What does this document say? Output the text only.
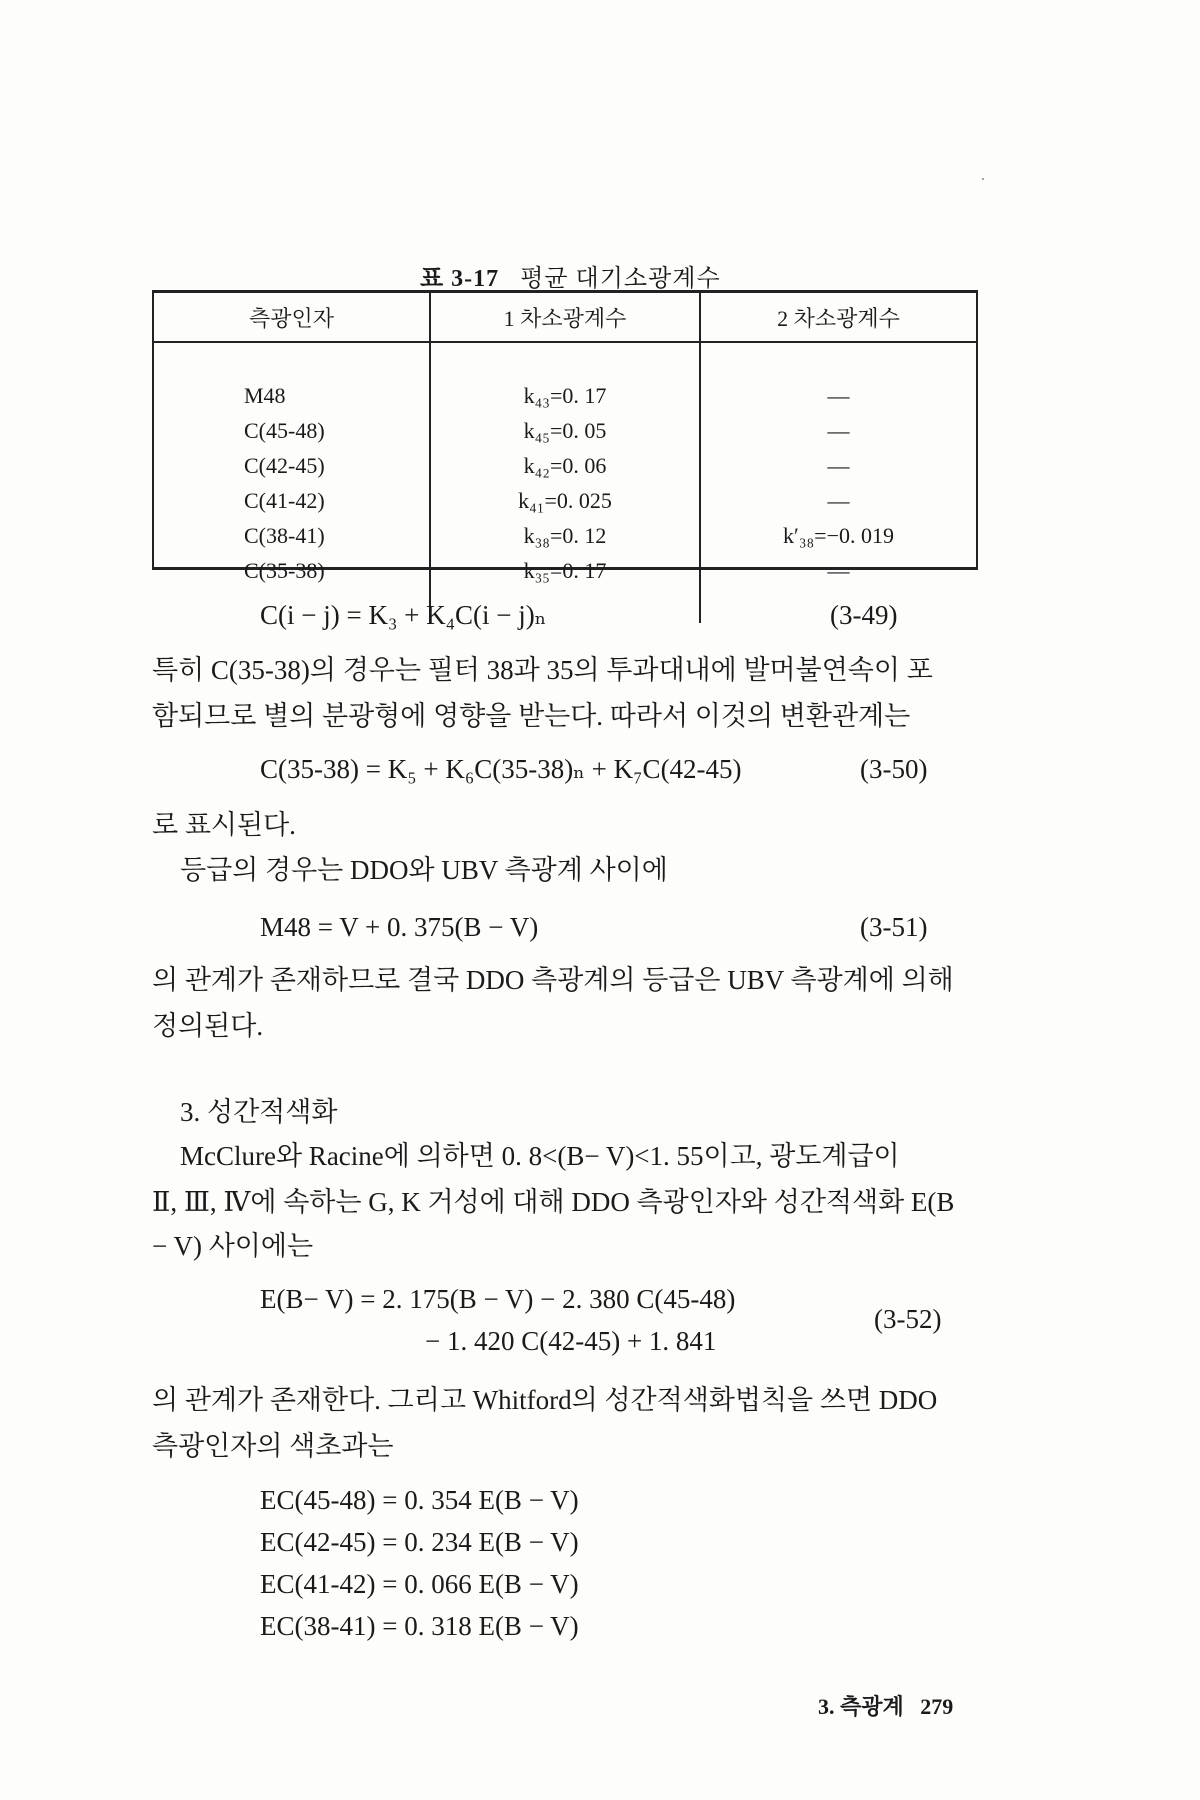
표 3-17 평균 대기소광계수
측광인자	1 차소광계수	2 차소광계수

M48	k₄₃=0. 17	—
C(45-48)	k₄₅=0. 05	—
C(42-45)	k₄₂=0. 06	—
C(41-42)	k₄₁=0. 025	—
C(38-41)	k₃₈=0. 12	k′₃₈=−0. 019
C(35-38)	k₃₅=0. 17	—

C(i − j) = K₃ + K₄C(i − j)ₙ	(3-49)
특히 C(35-38)의 경우는 필터 38과 35의 투과대내에 발머불연속이 포
함되므로 별의 분광형에 영향을 받는다. 따라서 이것의 변환관계는
C(35-38) = K₅ + K₆C(35-38)ₙ + K₇C(42-45)	(3-50)
로 표시된다.
등급의 경우는 DDO와 UBV 측광계 사이에
M48 = V + 0. 375(B − V)	(3-51)
의 관계가 존재하므로 결국 DDO 측광계의 등급은 UBV 측광계에 의해
정의된다.
3. 성간적색화
McClure와 Racine에 의하면 0. 8<(B− V)<1. 55이고, 광도계급이
Ⅱ, Ⅲ, Ⅳ에 속하는 G, K 거성에 대해 DDO 측광인자와 성간적색화 E(B
− V) 사이에는
E(B− V) = 2. 175(B − V) − 2. 380 C(45-48)
− 1. 420 C(42-45) + 1. 841
(3-52)
의 관계가 존재한다. 그리고 Whitford의 성간적색화법칙을 쓰면 DDO
측광인자의 색초과는
EC(45-48) = 0. 354 E(B − V)
EC(42-45) = 0. 234 E(B − V)
EC(41-42) = 0. 066 E(B − V)
EC(38-41) = 0. 318 E(B − V)
3. 측광계 279
